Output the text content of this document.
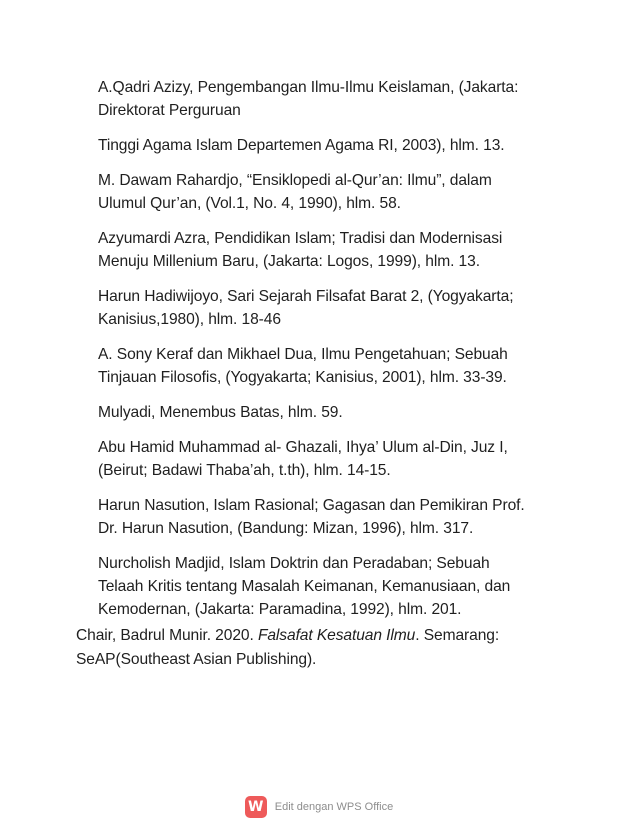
A.Qadri Azizy, Pengembangan Ilmu-Ilmu Keislaman, (Jakarta:
Direktorat Perguruan
Tinggi Agama Islam Departemen Agama RI, 2003), hlm. 13.
M. Dawam Rahardjo, “Ensiklopedi al-Qur’an: Ilmu”, dalam
Ulumul Qur’an, (Vol.1, No. 4, 1990), hlm. 58.
Azyumardi Azra, Pendidikan Islam; Tradisi dan Modernisasi
Menuju Millenium Baru, (Jakarta: Logos, 1999), hlm. 13.
Harun Hadiwijoyo, Sari Sejarah Filsafat Barat 2, (Yogyakarta;
Kanisius,1980), hlm. 18-46
A. Sony Keraf dan Mikhael Dua, Ilmu Pengetahuan; Sebuah
Tinjauan Filosofis, (Yogyakarta; Kanisius, 2001), hlm. 33-39.
Mulyadi, Menembus Batas, hlm. 59.
Abu Hamid Muhammad al- Ghazali, Ihya’ Ulum al-Din, Juz I,
(Beirut; Badawi Thaba’ah, t.th), hlm. 14-15.
Harun Nasution, Islam Rasional; Gagasan dan Pemikiran Prof.
Dr. Harun Nasution, (Bandung: Mizan, 1996), hlm. 317.
Nurcholish Madjid, Islam Doktrin dan Peradaban; Sebuah
Telaah Kritis tentang Masalah Keimanan, Kemanusiaan, dan
Kemodernan, (Jakarta: Paramadina, 1992), hlm. 201.
Chair, Badrul Munir. 2020. Falsafat Kesatuan Ilmu. Semarang:
SeAP(Southeast Asian Publishing).
W Edit dengan WPS Office
